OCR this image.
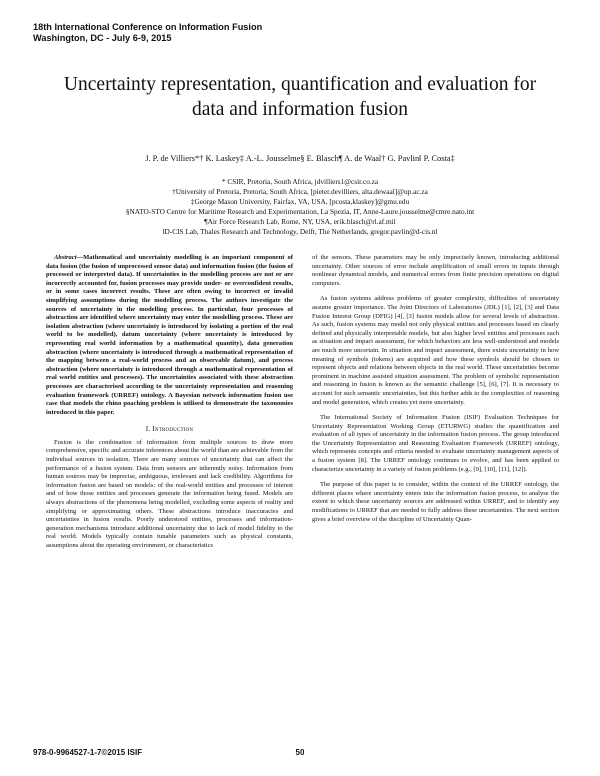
18th International Conference on Information Fusion
Washington, DC - July 6-9, 2015
Uncertainty representation, quantification and evaluation for data and information fusion
J. P. de Villiers*† K. Laskey‡ A.-L. Jousselme§ E. Blasch¶ A. de Waal† G. Pavlin‖ P. Costa‡
* CSIR, Pretoria, South Africa, jdvilliers1@csir.co.za
†University of Pretoria, Pretoria, South Africa, [pieter.devilliers, alta.dewaal]@up.ac.za
‡George Mason University, Fairfax, VA, USA, [pcosta,klaskey]@gmu.edu
§NATO-STO Centre for Maritime Research and Experimentation, La Spezia, IT, Anne-Laure.jousselme@cmre.nato.int
¶Air Force Research Lab, Rome, NY, USA, erik.blasch@rl.af.mil
‖D-CIS Lab, Thales Research and Technology, Delft, The Netherlands, gregor.pavlin@d-cis.nl

Abstract—Mathematical and uncertainty modelling is an important component of data fusion (the fusion of unprocessed sensor data) and information fusion (the fusion of processed or interpreted data). If uncertainties in the modelling process are not or are incorrectly accounted for, fusion processes may provide under- or overconfident results, or in some cases incorrect results. These are often owing to incorrect or invalid simplifying assumptions during the modelling process. The authors investigate the sources of uncertainty in the modelling process. In particular, four processes of abstraction are identified where uncertainty may enter the modelling process. These are isolation abstraction (where uncertainty is introduced by isolating a portion of the real world to be modelled), datum uncertainty (where uncertainty is introduced by representing real world information by a mathematical quantity), data generation abstraction (where uncertainty is introduced through a mathematical representation of the mapping between a real-world process and an observable datum), and process abstraction (where uncertainty is introduced through a mathematical representation of real world entities and processes). The uncertainties associated with these abstraction processes are characterised according to the uncertainty representation and reasoning evaluation framework (URREF) ontology. A Bayesian network information fusion use case that models the rhino poaching problem is utilised to demonstrate the taxonomies introduced in this paper.

I. Introduction

Fusion is the combination of information from multiple sources to draw more comprehensive, specific and accurate inferences about the world than are achievable from the individual sources in isolation. There are many sources of uncertainty that can affect the performance of a fusion system. Data from sensors are inherently noisy. Information from human sources may be imprecise, ambiguous, irrelevant and lack credibility. Algorithms for information fusion are based on models: of the real-world entities and processes of interest and of how those entities and processes generate the information being fused. Models are always abstractions of the phenomena being modelled, excluding some aspects of reality and simplifying or approximating others. These abstractions introduce inaccuracies and uncertainties in fusion results. Poorly understood entities, processes and information-generation mechanisms introduce additional uncertainty due to lack of model fidelity to the real world. Models typically contain tunable parameters such as physical constants, assumptions about the operating environment, or characteristics

of the sensors. These parameters may be only imprecisely known, introducing additional uncertainty. Other sources of error include amplification of small errors in inputs through nonlinear dynamical models, and numerical errors from finite precision operations on digital computers.

As fusion systems address problems of greater complexity, difficulties of uncertainty assume greater importance. The Joint Directors of Laboratories (JDL) [1], [2], [3] and Data Fusion Interest Group (DFIG) [4], [3] fusion models allow for several levels of abstraction. As such, fusion systems may model not only physical entities and processes based on clearly defined and physically interpretable models, but also higher level entities and processes such as situation and impact assessment, for which behaviors are less well-understood and models are much more uncertain. In situation and impact assessment, there exists uncertainty in how meaning of symbols (tokens) are acquired and how these symbols should be chosen to represent objects and relations between objects in the real world. These uncertainties become prominent in machine assisted situation assessment. The problem of symbolic representation and reasoning in fusion is known as the semantic challenge [5], [6], [7]. It is necessary to account for such semantic uncertainties, but this further adds to the complexities of reasoning and model generation, which creates yet more uncertainty.

The International Society of Information Fusion (ISIF) Evaluation Techniques for Uncertainty Representation Working Group (ETURWG) studies the quantification and evaluation of all types of uncertainty in the information fusion process. The group introduced the Uncertainty Representation and Reasoning Evaluation Framework (URREF) ontology, which represents concepts and criteria needed to evaluate uncertainty management aspects of a fusion system [8]. The URREF ontology continues to evolve, and has been applied to characterize uncertainty in a variety of fusion problems (e.g., [9], [10], [11], [12]).

The purpose of this paper is to consider, within the context of the URREF ontology, the different places where uncertainty enters into the information fusion process, to analyse the extent to which these uncertainty sources are addressed within URREF, and to identify any modifications to URREF that are needed to fully address these uncertainties. The next section gives a brief overview of the discipline of Uncertainty Quan-

978-0-9964527-1-7©2015 ISIF	50
